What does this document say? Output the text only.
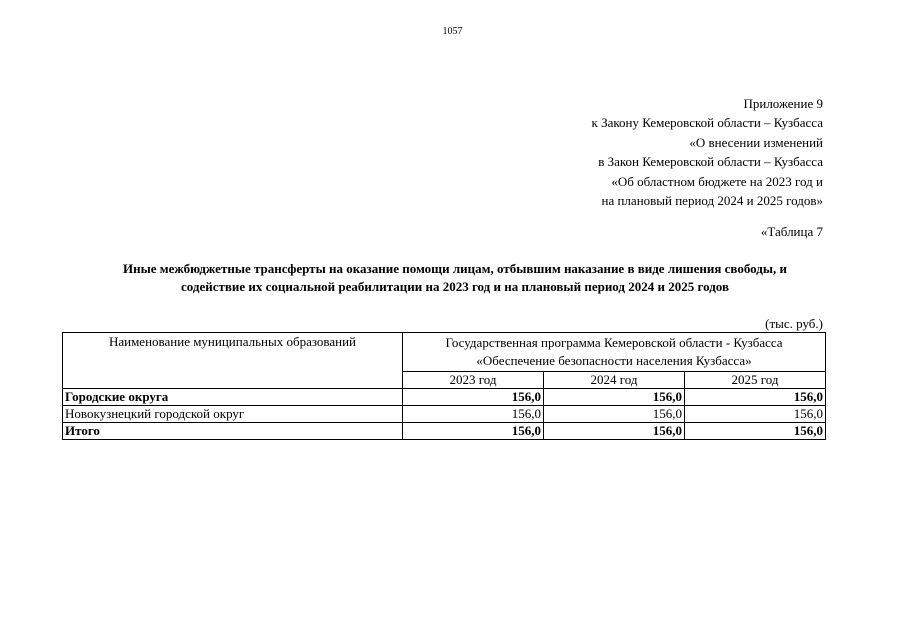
1057
Приложение 9
к Закону Кемеровской области – Кузбасса
«О внесении изменений
в Закон Кемеровской области – Кузбасса
«Об областном бюджете на 2023 год и
на плановый период 2024 и 2025 годов»
«Таблица 7
Иные межбюджетные трансферты на оказание помощи лицам, отбывшим наказание в виде лишения свободы, и
содействие их социальной реабилитации на 2023 год и на плановый период 2024 и 2025 годов
(тыс. руб.)
Наименование муниципальных образований	Государственная программа Кемеровской области - Кузбасса
«Обеспечение безопасности населения Кузбасса»		

	2023 год	2024 год	2025 год
Городские округа	156,0	156,0	156,0
Новокузнецкий городской округ	156,0	156,0	156,0
Итого	156,0	156,0	156,0
